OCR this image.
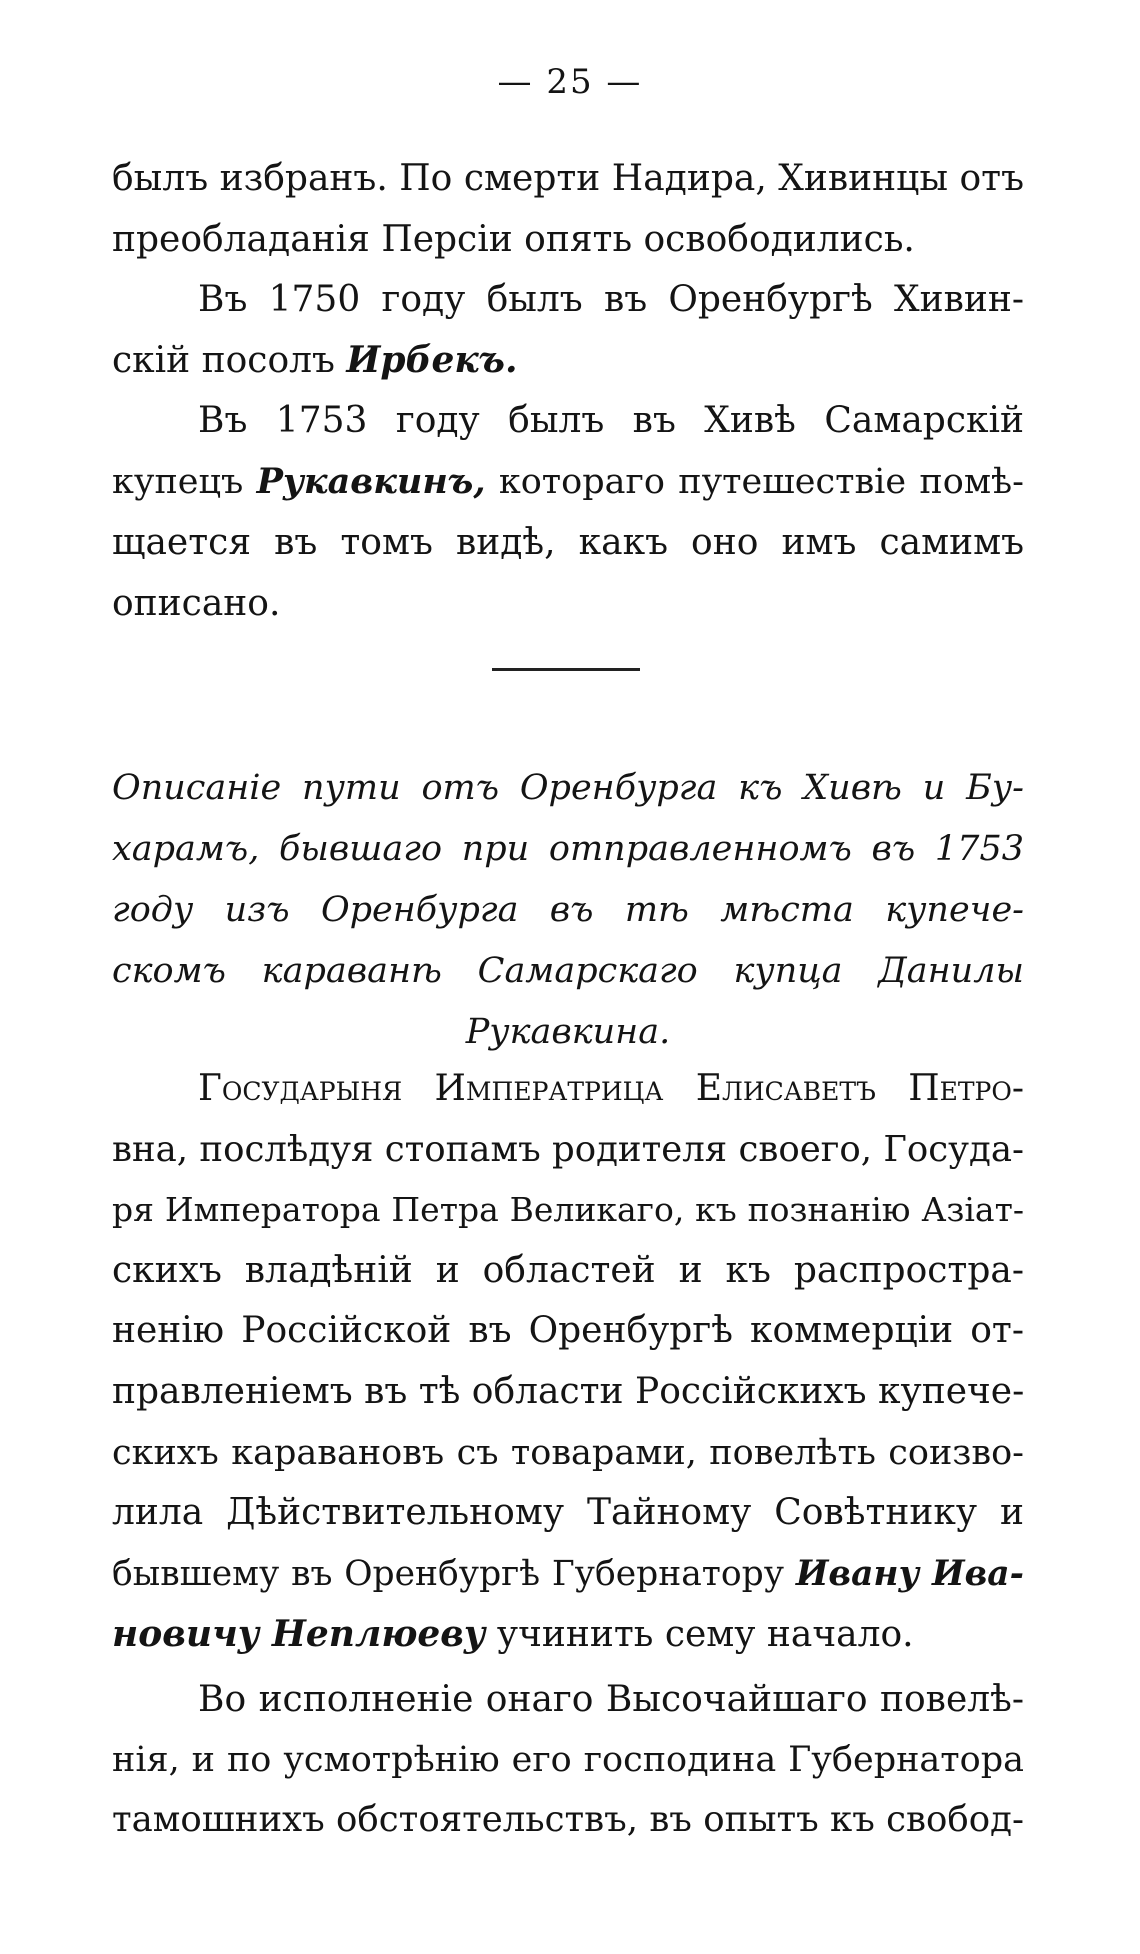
— 25 —
былъ избранъ. По смерти Надира, Хивинцы отъ
преобладанія Персіи опять освободились.
Въ 1750 году былъ въ Оренбургѣ Хивин-
скій посолъ Ирбекъ.
Въ 1753 году былъ въ Хивѣ Самарскій
купецъ Рукавкинъ, котораго путешествіе помѣ-
щается въ томъ видѣ, какъ оно имъ самимъ
описано.
Описаніе пути отъ Оренбурга къ Хивѣ и Бу-
харамъ, бывшаго при отправленномъ въ 1753
году изъ Оренбурга въ тѣ мѣста купече-
скомъ караванѣ Самарскаго купца Данилы
Рукавкина.
Государыня Императрица Елисаветъ Петро-
вна, послѣдуя стопамъ родителя своего, Госуда-
ря Императора Петра Великаго, къ познанію Азіат-
скихъ владѣній и областей и къ распростра-
ненію Россійской въ Оренбургѣ коммерціи от-
правленіемъ въ тѣ области Россійскихъ купече-
скихъ каравановъ съ товарами, повелѣть соизво-
лила Дѣйствительному Тайному Совѣтнику и
бывшему въ Оренбургѣ Губернатору Ивану Ива-
новичу Неплюеву учинить сему начало.
Во исполненіе онаго Высочайшаго повелѣ-
нія, и по усмотрѣнію его господина Губернатора
тамошнихъ обстоятельствъ, въ опытъ къ свобод-
